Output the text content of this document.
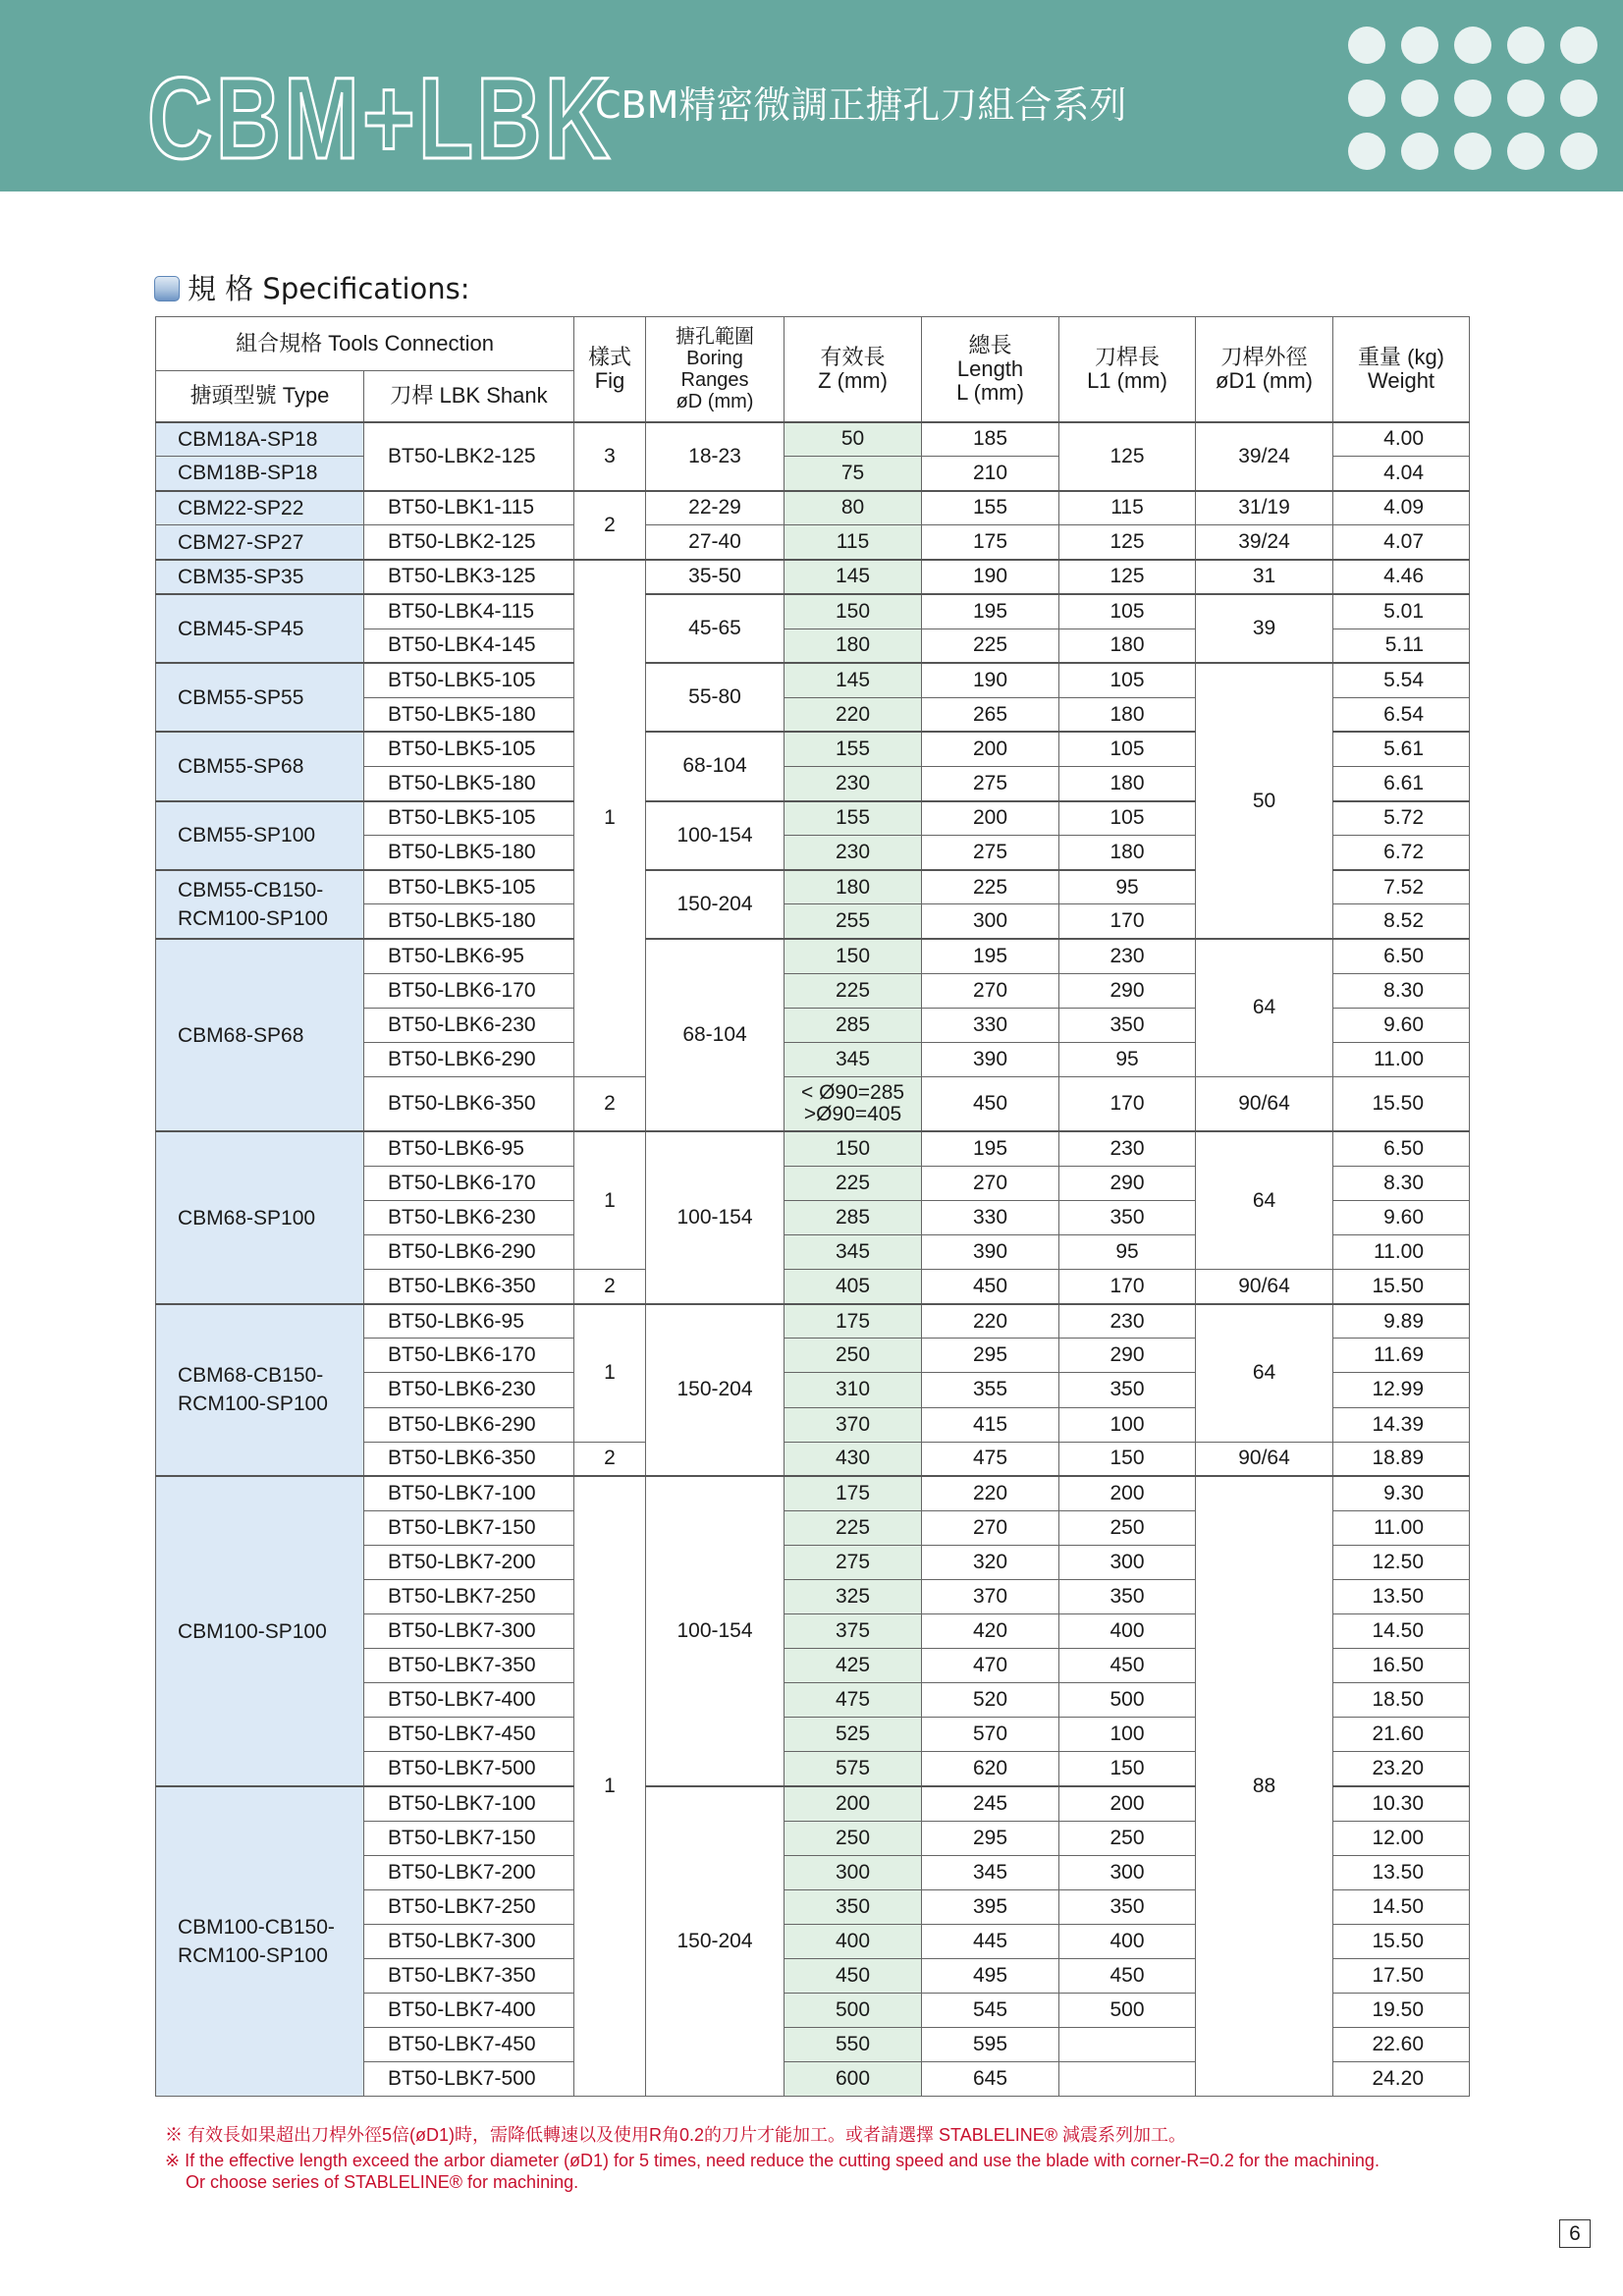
CBM+LBK
CBM精密微調正搪孔刀組合系列
規 格 Specifications:
組合規格 Tools Connection		樣式
Fig	搪孔範圍
Boring
Ranges
øD (mm)	有效長
Z (mm)	總長
Length
L (mm)	刀桿長
L1 (mm)	刀桿外徑
øD1 (mm)	重量 (kg)
Weight
搪頭型號 Type	刀桿 LBK Shank							
CBM18A-SP18	BT50-LBK2-125	3	18-23	50	185	125	39/24	4.00
CBM18B-SP18				75	210			4.04
CBM22-SP22	BT50-LBK1-115	2	22-29	80	155	115	31/19	4.09
CBM27-SP27	BT50-LBK2-125		27-40	115	175	125	39/24	4.07
CBM35-SP35	BT50-LBK3-125	1	35-50	145	190	125	31	4.46
CBM45-SP45	BT50-LBK4-115		45-65	150	195	105	39	5.01
	BT50-LBK4-145			180	225	180		5.11
CBM55-SP55	BT50-LBK5-105		55-80	145	190	105	50	5.54
	BT50-LBK5-180			220	265	180		6.54
CBM55-SP68	BT50-LBK5-105		68-104	155	200	105		5.61
	BT50-LBK5-180			230	275	180		6.61
CBM55-SP100	BT50-LBK5-105		100-154	155	200	105		5.72
	BT50-LBK5-180			230	275	180		6.72
CBM55-CB150-
RCM100-SP100	BT50-LBK5-105		150-204	180	225	95		7.52
	BT50-LBK5-180			255	300	170		8.52
CBM68-SP68	BT50-LBK6-95		68-104	150	195	230	64	6.50
	BT50-LBK6-170			225	270	290		8.30
	BT50-LBK6-230			285	330	350		9.60
	BT50-LBK6-290			345	390	95		11.00
	BT50-LBK6-350	2		< Ø90=285
>Ø90=405	450	170	90/64	15.50
CBM68-SP100	BT50-LBK6-95	1	100-154	150	195	230	64	6.50
	BT50-LBK6-170			225	270	290		8.30
	BT50-LBK6-230			285	330	350		9.60
	BT50-LBK6-290			345	390	95		11.00
	BT50-LBK6-350	2		405	450	170	90/64	15.50
CBM68-CB150-
RCM100-SP100	BT50-LBK6-95	1	150-204	175	220	230	64	9.89
	BT50-LBK6-170			250	295	290		11.69
	BT50-LBK6-230			310	355	350		12.99
	BT50-LBK6-290			370	415	100		14.39
	BT50-LBK6-350	2		430	475	150	90/64	18.89
CBM100-SP100	BT50-LBK7-100	1	100-154	175	220	200	88	9.30
	BT50-LBK7-150			225	270	250		11.00
	BT50-LBK7-200			275	320	300		12.50
	BT50-LBK7-250			325	370	350		13.50
	BT50-LBK7-300			375	420	400		14.50
	BT50-LBK7-350			425	470	450		16.50
	BT50-LBK7-400			475	520	500		18.50
	BT50-LBK7-450			525	570	100		21.60
	BT50-LBK7-500			575	620	150		23.20
CBM100-CB150-
RCM100-SP100	BT50-LBK7-100		150-204	200	245	200		10.30
	BT50-LBK7-150			250	295	250		12.00
	BT50-LBK7-200			300	345	300		13.50
	BT50-LBK7-250			350	395	350		14.50
	BT50-LBK7-300			400	445	400		15.50
	BT50-LBK7-350			450	495	450		17.50
	BT50-LBK7-400			500	545	500		19.50
	BT50-LBK7-450			550	595			22.60
	BT50-LBK7-500			600	645			24.20

※ 有效長如果超出刀桿外徑5倍(øD1)時，需降低轉速以及使用R角0.2的刀片才能加工。或者請選擇 STABLELINE® 減震系列加工。

※ If the effective length exceed the arbor diameter (øD1) for 5 times, need reduce the cutting speed and use the blade with corner-R=0.2 for the machining.

Or choose series of STABLELINE® for machining.

6
